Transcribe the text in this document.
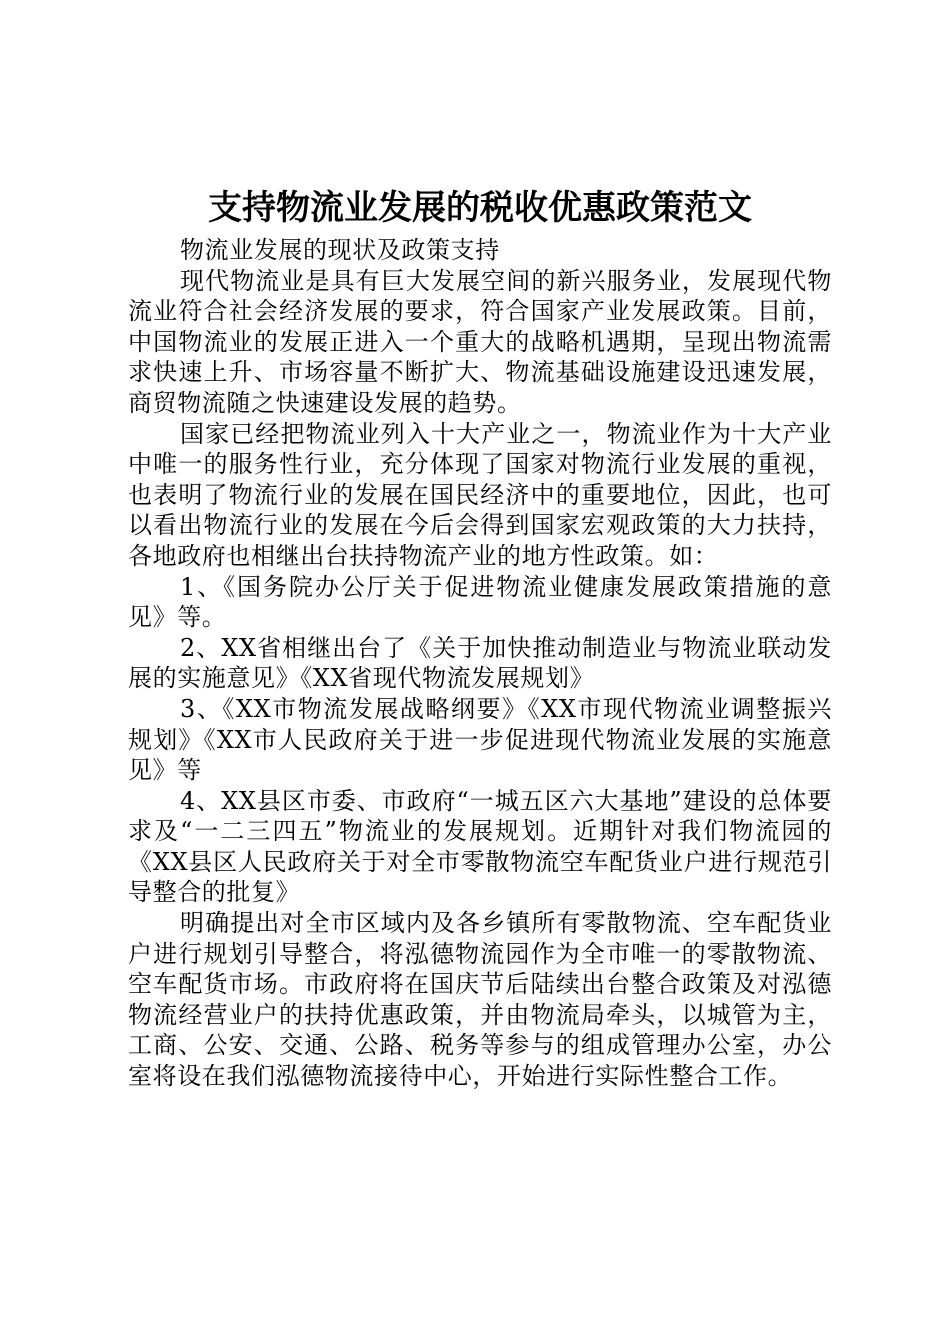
支持物流业发展的税收优惠政策范文

物流业发展的现状及政策支持

现代物流业是具有巨大发展空间的新兴服务业，发展现代物流业符合社会经济发展的要求，符合国家产业发展政策。目前，中国物流业的发展正进入一个重大的战略机遇期，呈现出物流需求快速上升、市场容量不断扩大、物流基础设施建设迅速发展，商贸物流随之快速建设发展的趋势。

国家已经把物流业列入十大产业之一，物流业作为十大产业中唯一的服务性行业，充分体现了国家对物流行业发展的重视，也表明了物流行业的发展在国民经济中的重要地位，因此，也可以看出物流行业的发展在今后会得到国家宏观政策的大力扶持，各地政府也相继出台扶持物流产业的地方性政策。如：

1、《国务院办公厅关于促进物流业健康发展政策措施的意见》等。

2、XX省相继出台了《关于加快推动制造业与物流业联动发展的实施意见》《XX省现代物流发展规划》

3、《XX市物流发展战略纲要》《XX市现代物流业调整振兴规划》《XX市人民政府关于进一步促进现代物流业发展的实施意见》等

4、XX县区市委、市政府“一城五区六大基地”建设的总体要求及“一二三四五”物流业的发展规划。近期针对我们物流园的《XX县区人民政府关于对全市零散物流空车配货业户进行规范引导整合的批复》

明确提出对全市区域内及各乡镇所有零散物流、空车配货业户进行规划引导整合，将泓德物流园作为全市唯一的零散物流、空车配货市场。市政府将在国庆节后陆续出台整合政策及对泓德物流经营业户的扶持优惠政策，并由物流局牵头，以城管为主，工商、公安、交通、公路、税务等参与的组成管理办公室，办公室将设在我们泓德物流接待中心，开始进行实际性整合工作。
